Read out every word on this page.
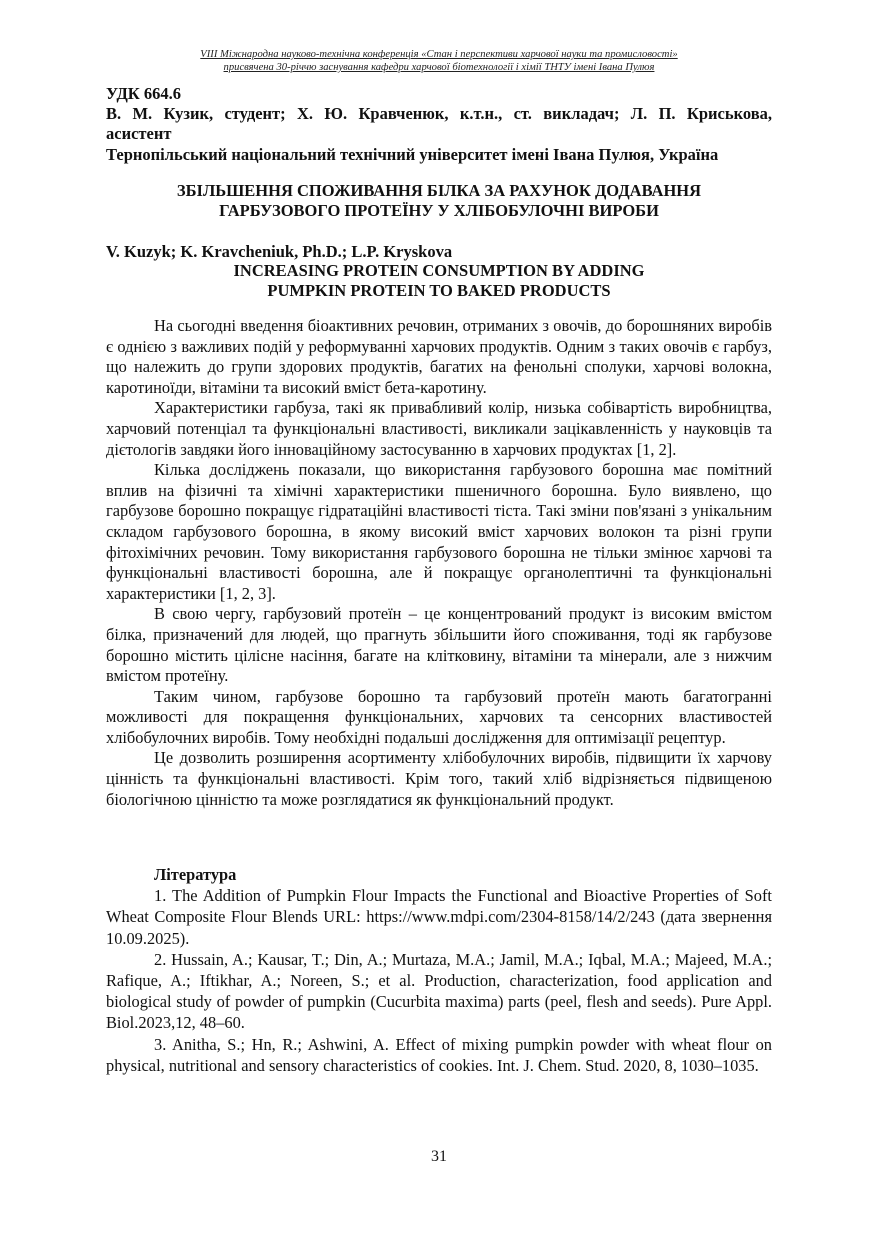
VIII Міжнародна науково-технічна конференція «Стан і перспективи харчової науки та промисловості»
присвячена 30-річчю заснування кафедри харчової біотехнології і хімії ТНТУ імені Івана Пулюя
УДК 664.6
В. М. Кузик, студент; Х. Ю. Кравченюк, к.т.н., ст. викладач; Л. П. Криськова,
асистент
Тернопільський національний технічний університет імені Івана Пулюя, Україна
ЗБІЛЬШЕННЯ СПОЖИВАННЯ БІЛКА ЗА РАХУНОК ДОДАВАННЯ
ГАРБУЗОВОГО ПРОТЕЇНУ У ХЛІБОБУЛОЧНІ ВИРОБИ
V. Kuzyk; K. Kravcheniuk, Ph.D.; L.P. Kryskova
INCREASING PROTEIN CONSUMPTION BY ADDING
PUMPKIN PROTEIN TO BAKED PRODUCTS

На сьогодні введення біоактивних речовин, отриманих з овочів, до борошняних виробів є однією з важливих подій у реформуванні харчових продуктів. Одним з таких овочів є гарбуз, що належить до групи здорових продуктів, багатих на фенольні сполуки, харчові волокна, каротиноїди, вітаміни та високий вміст бета-каротину.

Характеристики гарбуза, такі як привабливий колір, низька собівартість виробництва, харчовий потенціал та функціональні властивості, викликали зацікавленність у науковців та дієтологів завдяки його інноваційному застосуванню в харчових продуктах [1, 2].

Кілька досліджень показали, що використання гарбузового борошна має помітний вплив на фізичні та хімічні характеристики пшеничного борошна. Було виявлено, що гарбузове борошно покращує гідратаційні властивості тіста. Такі зміни пов'язані з унікальним складом гарбузового борошна, в якому високий вміст харчових волокон та різні групи фітохімічних речовин. Тому використання гарбузового борошна не тільки змінює харчові та функціональні властивості борошна, але й покращує органолептичні та функціональні характеристики [1, 2, 3].

В свою чергу, гарбузовий протеїн – це концентрований продукт із високим вмістом білка, призначений для людей, що прагнуть збільшити його споживання, тоді як гарбузове борошно містить цілісне насіння, багате на клітковину, вітаміни та мінерали, але з нижчим вмістом протеїну.

Таким чином, гарбузове борошно та гарбузовий протеїн мають багатогранні можливості для покращення функціональних, харчових та сенсорних властивостей хлібобулочних виробів. Тому необхідні подальші дослідження для оптимізації рецептур.

Це дозволить розширення асортименту хлібобулочних виробів, підвищити їх харчову цінність та функціональні властивості. Крім того, такий хліб відрізняється підвищеною біологічною цінністю та може розглядатися як функціональний продукт.

Література

1. The Addition of Pumpkin Flour Impacts the Functional and Bioactive Properties of Soft Wheat Composite Flour Blends URL: https://www.mdpi.com/2304-8158/14/2/243 (дата звернення 10.09.2025).

2. Hussain, A.; Kausar, T.; Din, A.; Murtaza, M.A.; Jamil, M.A.; Iqbal, M.A.; Majeed, M.A.; Rafique, A.; Iftikhar, A.; Noreen, S.; et al. Production, characterization, food application and biological study of powder of pumpkin (Cucurbita maxima) parts (peel, flesh and seeds). Pure Appl. Biol.2023,12, 48–60.

3. Anitha, S.; Hn, R.; Ashwini, A. Effect of mixing pumpkin powder with wheat flour on physical, nutritional and sensory characteristics of cookies. Int. J. Chem. Stud. 2020, 8, 1030–1035.

31
